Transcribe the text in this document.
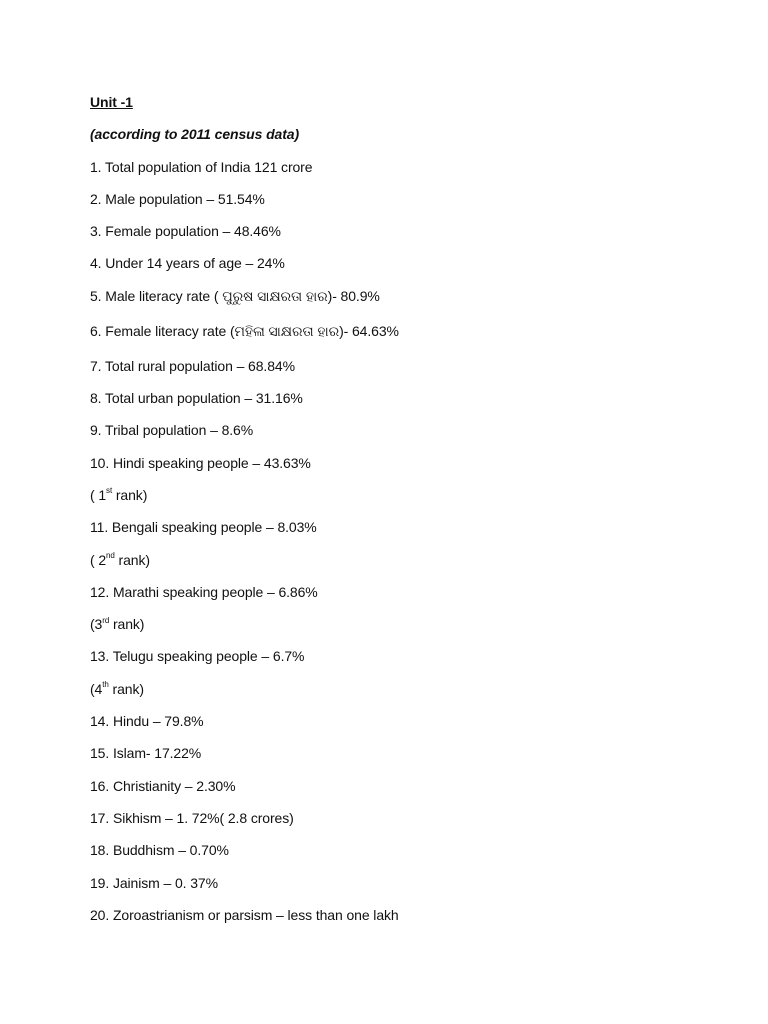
Unit -1
(according to 2011 census data)
1. Total population of India 121 crore
2. Male population – 51.54%
3. Female population – 48.46%
4. Under 14 years of age – 24%
5. Male literacy rate ( ପୁରୁଷ ସାକ୍ଷରତା ହାର)- 80.9%
6. Female literacy rate (ମହିଳା ସାକ୍ଷରତା ହାର)- 64.63%
7. Total rural population – 68.84%
8. Total urban population – 31.16%
9. Tribal population – 8.6%
10. Hindi speaking people – 43.63%
( 1st rank)
11. Bengali speaking people – 8.03%
( 2nd rank)
12. Marathi speaking people – 6.86%
(3rd rank)
13. Telugu speaking people – 6.7%
(4th rank)
14. Hindu – 79.8%
15. Islam- 17.22%
16. Christianity – 2.30%
17. Sikhism – 1. 72%( 2.8 crores)
18. Buddhism – 0.70%
19. Jainism – 0. 37%
20. Zoroastrianism or parsism – less than one lakh
